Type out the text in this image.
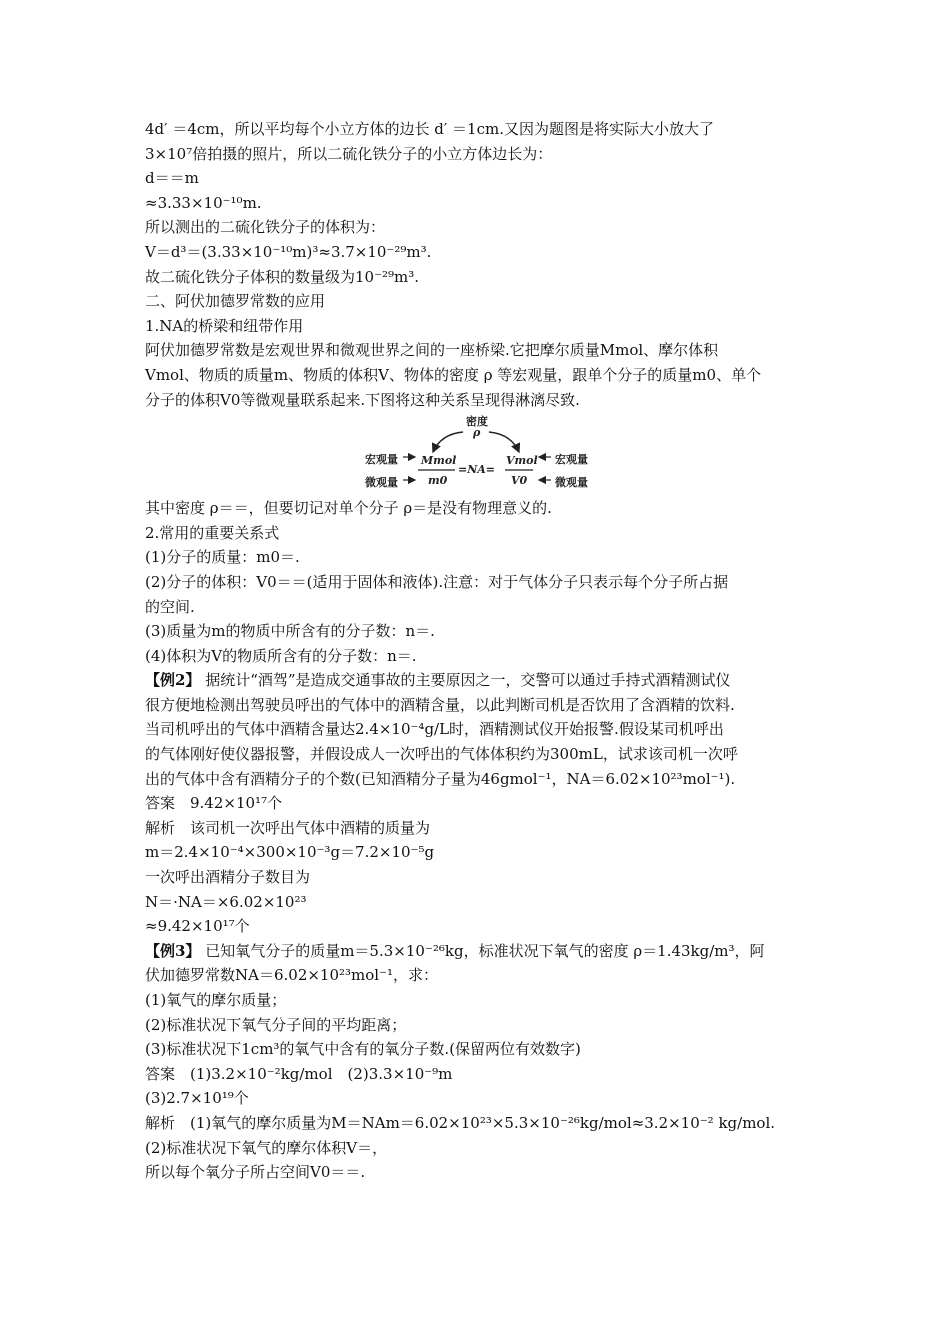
4d′ ＝4cm，所以平均每个小立方体的边长 d′ ＝1cm.又因为题图是将实际大小放大了
3×10⁷倍拍摄的照片，所以二硫化铁分子的小立方体边长为：
d＝＝m
≈3.33×10⁻¹⁰m.
所以测出的二硫化铁分子的体积为：
V＝d³＝(3.33×10⁻¹⁰m)³≈3.7×10⁻²⁹m³.
故二硫化铁分子体积的数量级为10⁻²⁹m³.
二、阿伏加德罗常数的应用
1.NA的桥梁和纽带作用
阿伏加德罗常数是宏观世界和微观世界之间的一座桥梁.它把摩尔质量Mmol、摩尔体积
Vmol、物质的质量m、物质的体积V、物体的密度 ρ 等宏观量，跟单个分子的质量m0、单个
分子的体积V0等微观量联系起来.下图将这种关系呈现得淋漓尽致.
密度
ρ
宏观量
微观量
Mmol
m0
=NA=
Vmol
V0
宏观量
微观量
其中密度 ρ＝＝，但要切记对单个分子 ρ＝是没有物理意义的.
2.常用的重要关系式
(1)分子的质量：m0＝.
(2)分子的体积：V0＝＝(适用于固体和液体).注意：对于气体分子只表示每个分子所占据
的空间.
(3)质量为m的物质中所含有的分子数：n＝.
(4)体积为V的物质所含有的分子数：n＝.
【例2】 据统计“酒驾”是造成交通事故的主要原因之一，交警可以通过手持式酒精测试仪
很方便地检测出驾驶员呼出的气体中的酒精含量，以此判断司机是否饮用了含酒精的饮料.
当司机呼出的气体中酒精含量达2.4×10⁻⁴g/L时，酒精测试仪开始报警.假设某司机呼出
的气体刚好使仪器报警，并假设成人一次呼出的气体体积约为300mL，试求该司机一次呼
出的气体中含有酒精分子的个数(已知酒精分子量为46gmol⁻¹，NA＝6.02×10²³mol⁻¹).
答案　9.42×10¹⁷个
解析　该司机一次呼出气体中酒精的质量为
m＝2.4×10⁻⁴×300×10⁻³g＝7.2×10⁻⁵g
一次呼出酒精分子数目为
N＝·NA＝×6.02×10²³
≈9.42×10¹⁷个
【例3】 已知氧气分子的质量m＝5.3×10⁻²⁶kg，标准状况下氧气的密度 ρ＝1.43kg/m³，阿
伏加德罗常数NA＝6.02×10²³mol⁻¹，求：
(1)氧气的摩尔质量；
(2)标准状况下氧气分子间的平均距离；
(3)标准状况下1cm³的氧气中含有的氧分子数.(保留两位有效数字)
答案　(1)3.2×10⁻²kg/mol　(2)3.3×10⁻⁹m
(3)2.7×10¹⁹个
解析　(1)氧气的摩尔质量为M＝NAm＝6.02×10²³×5.3×10⁻²⁶kg/mol≈3.2×10⁻² kg/mol.
(2)标准状况下氧气的摩尔体积V＝，
所以每个氧分子所占空间V0＝＝.
